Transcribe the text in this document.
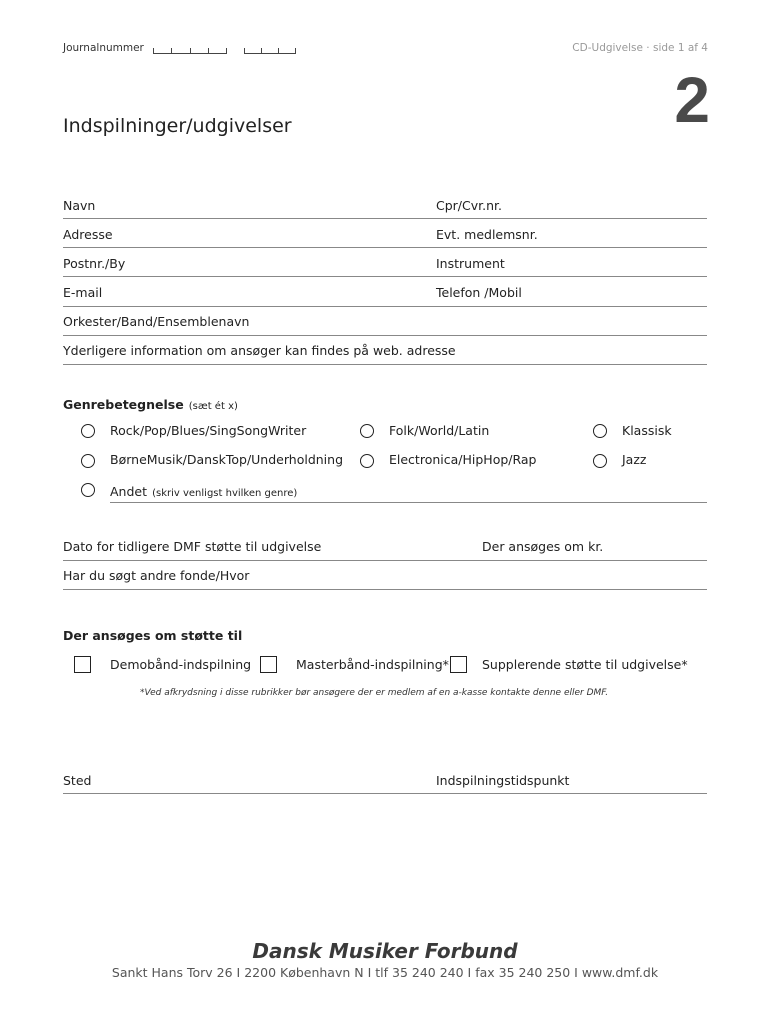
Journalnummer	CD-Udgivelse · side 1 af 4
2
Indspilninger/udgivelser
Navn	Cpr/Cvr.nr.
Adresse	Evt. medlemsnr.
Postnr./By	Instrument
E-mail	Telefon /Mobil
Orkester/Band/Ensemblenavn
Yderligere information om ansøger kan findes på web. adresse
Genrebetegnelse (sæt ét x)
Rock/Pop/Blues/SingSongWriter	Folk/World/Latin	Klassisk
BørneMusik/DanskTop/Underholdning	Electronica/HipHop/Rap	Jazz
Andet (skriv venligst hvilken genre)
Dato for tidligere DMF støtte til udgivelse	Der ansøges om kr.
Har du søgt andre fonde/Hvor
Der ansøges om støtte til
Demobånd-indspilning	Masterbånd-indspilning*	Supplerende støtte til udgivelse*
*Ved afkrydsning i disse rubrikker bør ansøgere der er medlem af en a-kasse kontakte denne eller DMF.
Sted	Indspilningstidspunkt
Dansk Musiker Forbund
Sankt Hans Torv 26 I 2200 København N I tlf 35 240 240 I fax 35 240 250 I www.dmf.dk
